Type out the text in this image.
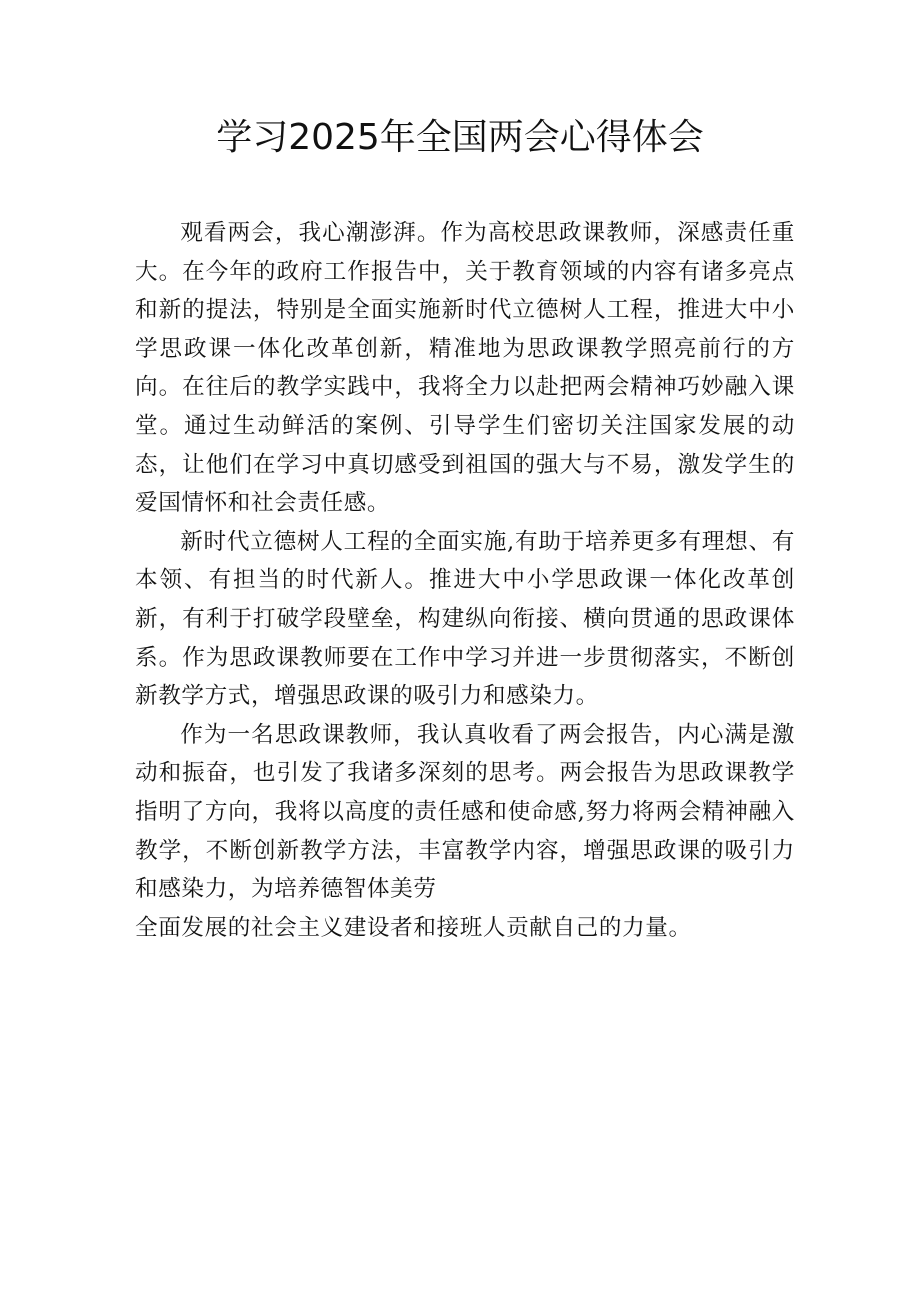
学习2025年全国两会心得体会

观看两会，我心潮澎湃。作为高校思政课教师，深感责任重大。在今年的政府工作报告中，关于教育领域的内容有诸多亮点和新的提法，特别是全面实施新时代立德树人工程，推进大中小学思政课一体化改革创新，精准地为思政课教学照亮前行的方向。在往后的教学实践中，我将全力以赴把两会精神巧妙融入课堂。通过生动鲜活的案例、引导学生们密切关注国家发展的动态，让他们在学习中真切感受到祖国的强大与不易，激发学生的爱国情怀和社会责任感。

新时代立德树人工程的全面实施,有助于培养更多有理想、有本领、有担当的时代新人。推进大中小学思政课一体化改革创新，有利于打破学段壁垒，构建纵向衔接、横向贯通的思政课体系。作为思政课教师要在工作中学习并进一步贯彻落实，不断创新教学方式，增强思政课的吸引力和感染力。

作为一名思政课教师，我认真收看了两会报告，内心满是激动和振奋，也引发了我诸多深刻的思考。两会报告为思政课教学指明了方向，我将以高度的责任感和使命感,努力将两会精神融入教学，不断创新教学方法，丰富教学内容，增强思政课的吸引力和感染力，为培养德智体美劳

全面发展的社会主义建设者和接班人贡献自己的力量。
